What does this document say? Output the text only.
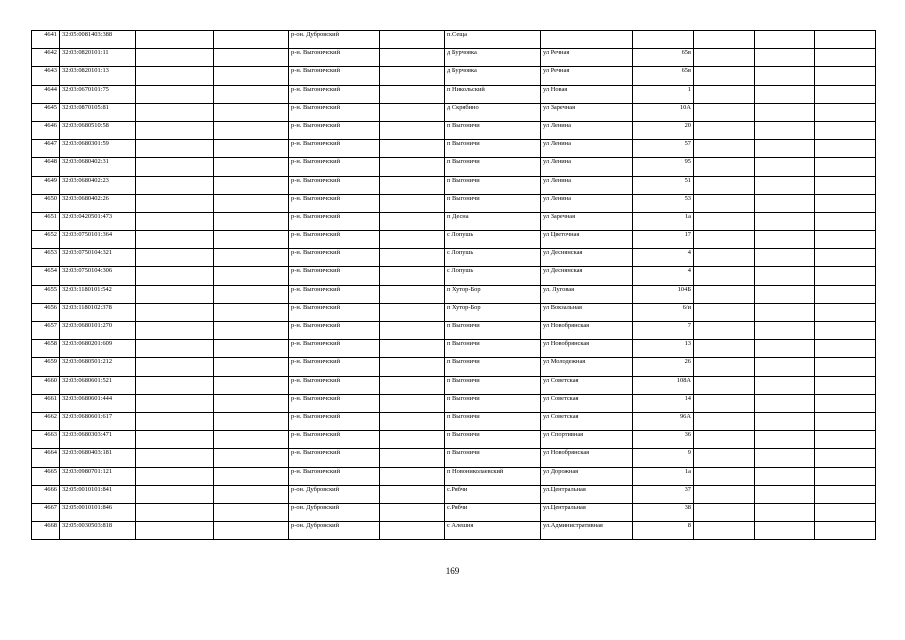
4641	32:05:0081403:388			р-он. Дубровский		п.Сеща					
4642	32:03:0820101:11			р-н. Выгоничский		д Бурчовка	ул Речная	65в			
4643	32:03:0820101:13			р-н. Выгоничский		д Бурчовка	ул Речная	65в			
4644	32:03:0670101:75			р-н. Выгоничский		п Никольский	ул Новая	1			
4645	32:03:0870105:81			р-н. Выгоничский		д Скрябино	ул Заречная	10А			
4646	32:03:0680510:58			р-н. Выгоничский		п Выгоничи	ул Ленина	20			
4647	32:03:0680301:59			р-н. Выгоничский		п Выгоничи	ул Ленина	57			
4648	32:03:0680402:31			р-н. Выгоничский		п Выгоничи	ул Ленина	95			
4649	32:03:0680402:23			р-н. Выгоничский		п Выгоничи	ул Ленина	51			
4650	32:03:0680402:26			р-н. Выгоничский		п Выгоничи	ул Ленина	53			
4651	32:03:0420501:473			р-н. Выгоничский		п Десна	ул Заречная	1а			
4652	32:03:0750101:364			р-н. Выгоничский		с Лопушь	ул Цветочная	17			
4653	32:03:0750104:321			р-н. Выгоничский		с Лопушь	ул Деснянская	4			
4654	32:03:0750104:306			р-н. Выгоничский		с Лопушь	ул Деснянская	4			
4655	32:03:1180101:542			р-н. Выгоничский		п Хутор-Бор	ул. Луговая	104Б			
4656	32:03:1180102:378			р-н. Выгоничский		п Хутор-Бор	ул Вокзальная	6/и			
4657	32:03:0680101:270			р-н. Выгоничский		п Выгоничи	ул Новобрянская	7			
4658	32:03:0680201:609			р-н. Выгоничский		п Выгоничи	ул Новобрянская	13			
4659	32:03:0680501:212			р-н. Выгоничский		п Выгоничи	ул Молодежная	26			
4660	32:03:0680601:521			р-н. Выгоничский		п Выгоничи	ул Советская	108А			
4661	32:03:0680601:444			р-н. Выгоничский		п Выгоничи	ул Советская	14			
4662	32:03:0680601:617			р-н. Выгоничский		п Выгоничи	ул Советская	96А			
4663	32:03:0680303:471			р-н. Выгоничский		п Выгоничи	ул Спортивная	36			
4664	32:03:0680403:181			р-н. Выгоничский		п Выгоничи	ул Новобрянская	9			
4665	32:03:0980701:121			р-н. Выгоничский		п Новониколаевский	ул Дорожная	1а			
4666	32:05:0010101:841			р-он. Дубровский		с.Рябчи	ул.Центральная	37			
4667	32:05:0010101:846			р-он. Дубровский		с.Рябчи	ул.Центральная	38			
4668	32:05:0030503:818			р-он. Дубровский		с Алешня	ул.Административная	8			
169
